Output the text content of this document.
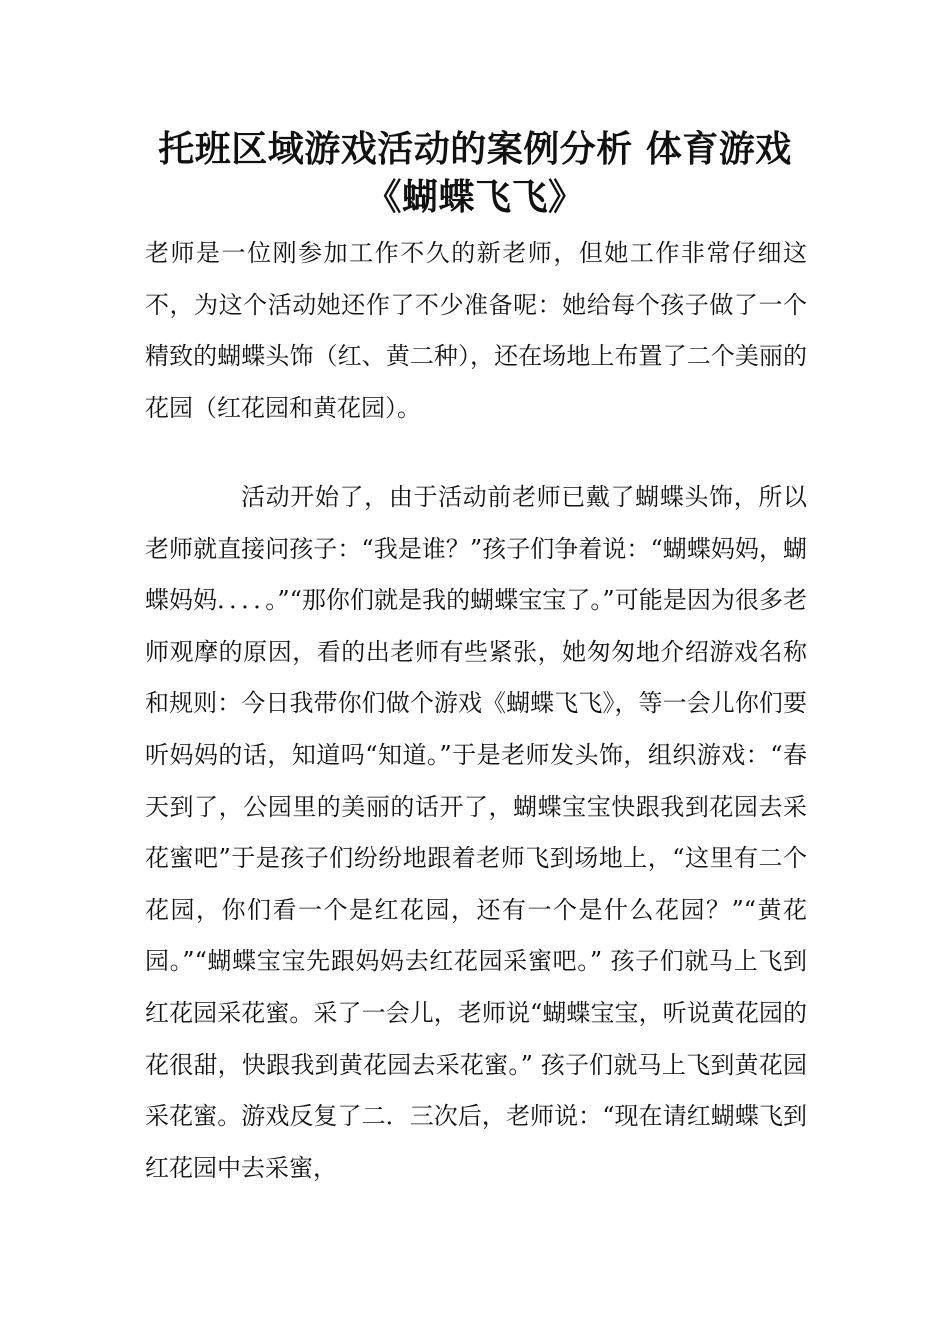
托班区域游戏活动的案例分析 体育游戏《蝴蝶飞飞》

老师是一位刚参加工作不久的新老师，但她工作非常仔细这不，为这个活动她还作了不少准备呢：她给每个孩子做了一个精致的蝴蝶头饰（红、黄二种），还在场地上布置了二个美丽的花园（红花园和黄花园）。

活动开始了，由于活动前老师已戴了蝴蝶头饰，所以老师就直接问孩子：“我是谁？”孩子们争着说：“蝴蝶妈妈，蝴蝶妈妈．．．．。”“那你们就是我的蝴蝶宝宝了。”可能是因为很多老师观摩的原因，看的出老师有些紧张，她匆匆地介绍游戏名称和规则：今日我带你们做个游戏《蝴蝶飞飞》，等一会儿你们要听妈妈的话，知道吗“知道。”于是老师发头饰，组织游戏：“春天到了，公园里的美丽的话开了，蝴蝶宝宝快跟我到花园去采花蜜吧”于是孩子们纷纷地跟着老师飞到场地上，“这里有二个花园，你们看一个是红花园，还有一个是什么花园？”“黄花园。”“蝴蝶宝宝先跟妈妈去红花园采蜜吧。” 孩子们就马上飞到红花园采花蜜。采了一会儿，老师说“蝴蝶宝宝，听说黄花园的花很甜，快跟我到黄花园去采花蜜。” 孩子们就马上飞到黄花园采花蜜。游戏反复了二．三次后，老师说：“现在请红蝴蝶飞到红花园中去采蜜，
